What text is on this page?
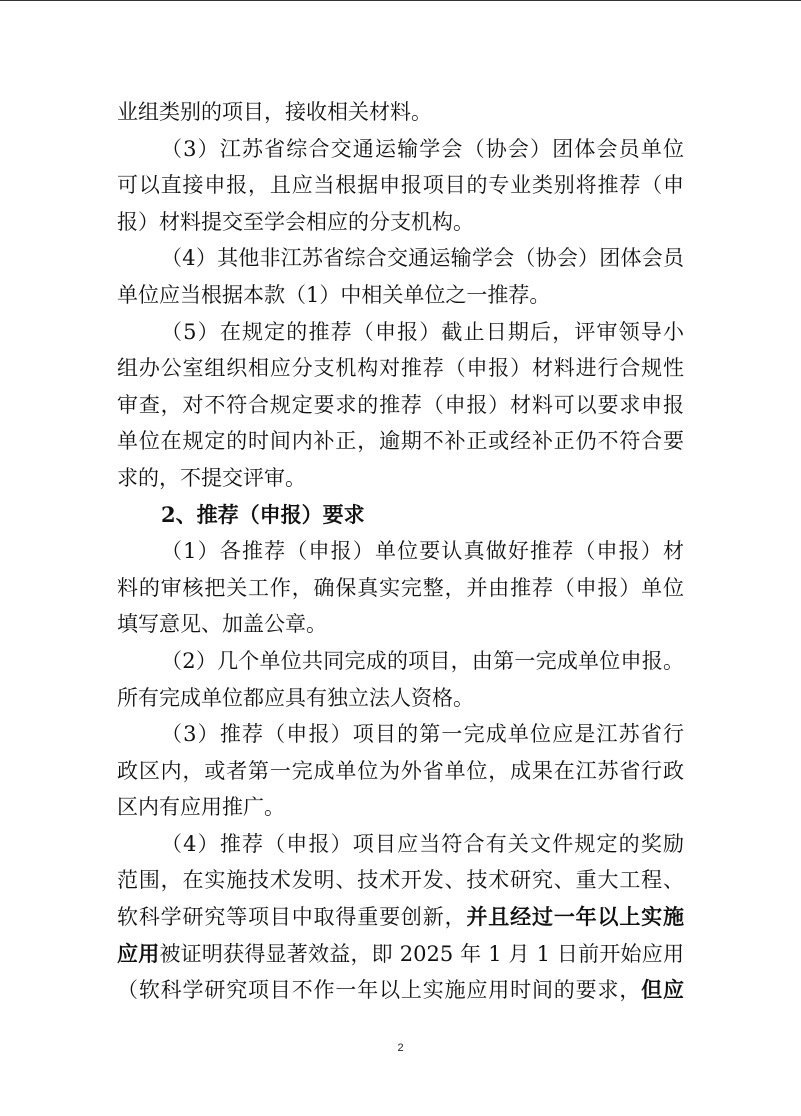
业组类别的项目，接收相关材料。
（3）江苏省综合交通运输学会（协会）团体会员单位
可以直接申报，且应当根据申报项目的专业类别将推荐（申
报）材料提交至学会相应的分支机构。
（4）其他非江苏省综合交通运输学会（协会）团体会员
单位应当根据本款（1）中相关单位之一推荐。
（5）在规定的推荐（申报）截止日期后，评审领导小
组办公室组织相应分支机构对推荐（申报）材料进行合规性
审查，对不符合规定要求的推荐（申报）材料可以要求申报
单位在规定的时间内补正，逾期不补正或经补正仍不符合要
求的，不提交评审。
2、推荐（申报）要求
（1）各推荐（申报）单位要认真做好推荐（申报）材
料的审核把关工作，确保真实完整，并由推荐（申报）单位
填写意见、加盖公章。
（2）几个单位共同完成的项目，由第一完成单位申报。
所有完成单位都应具有独立法人资格。
（3）推荐（申报）项目的第一完成单位应是江苏省行
政区内，或者第一完成单位为外省单位，成果在江苏省行政
区内有应用推广。
（4）推荐（申报）项目应当符合有关文件规定的奖励
范围，在实施技术发明、技术开发、技术研究、重大工程、
软科学研究等项目中取得重要创新，并且经过一年以上实施
应用被证明获得显著效益，即 2025 年 1 月 1 日前开始应用
（软科学研究项目不作一年以上实施应用时间的要求，但应
2
